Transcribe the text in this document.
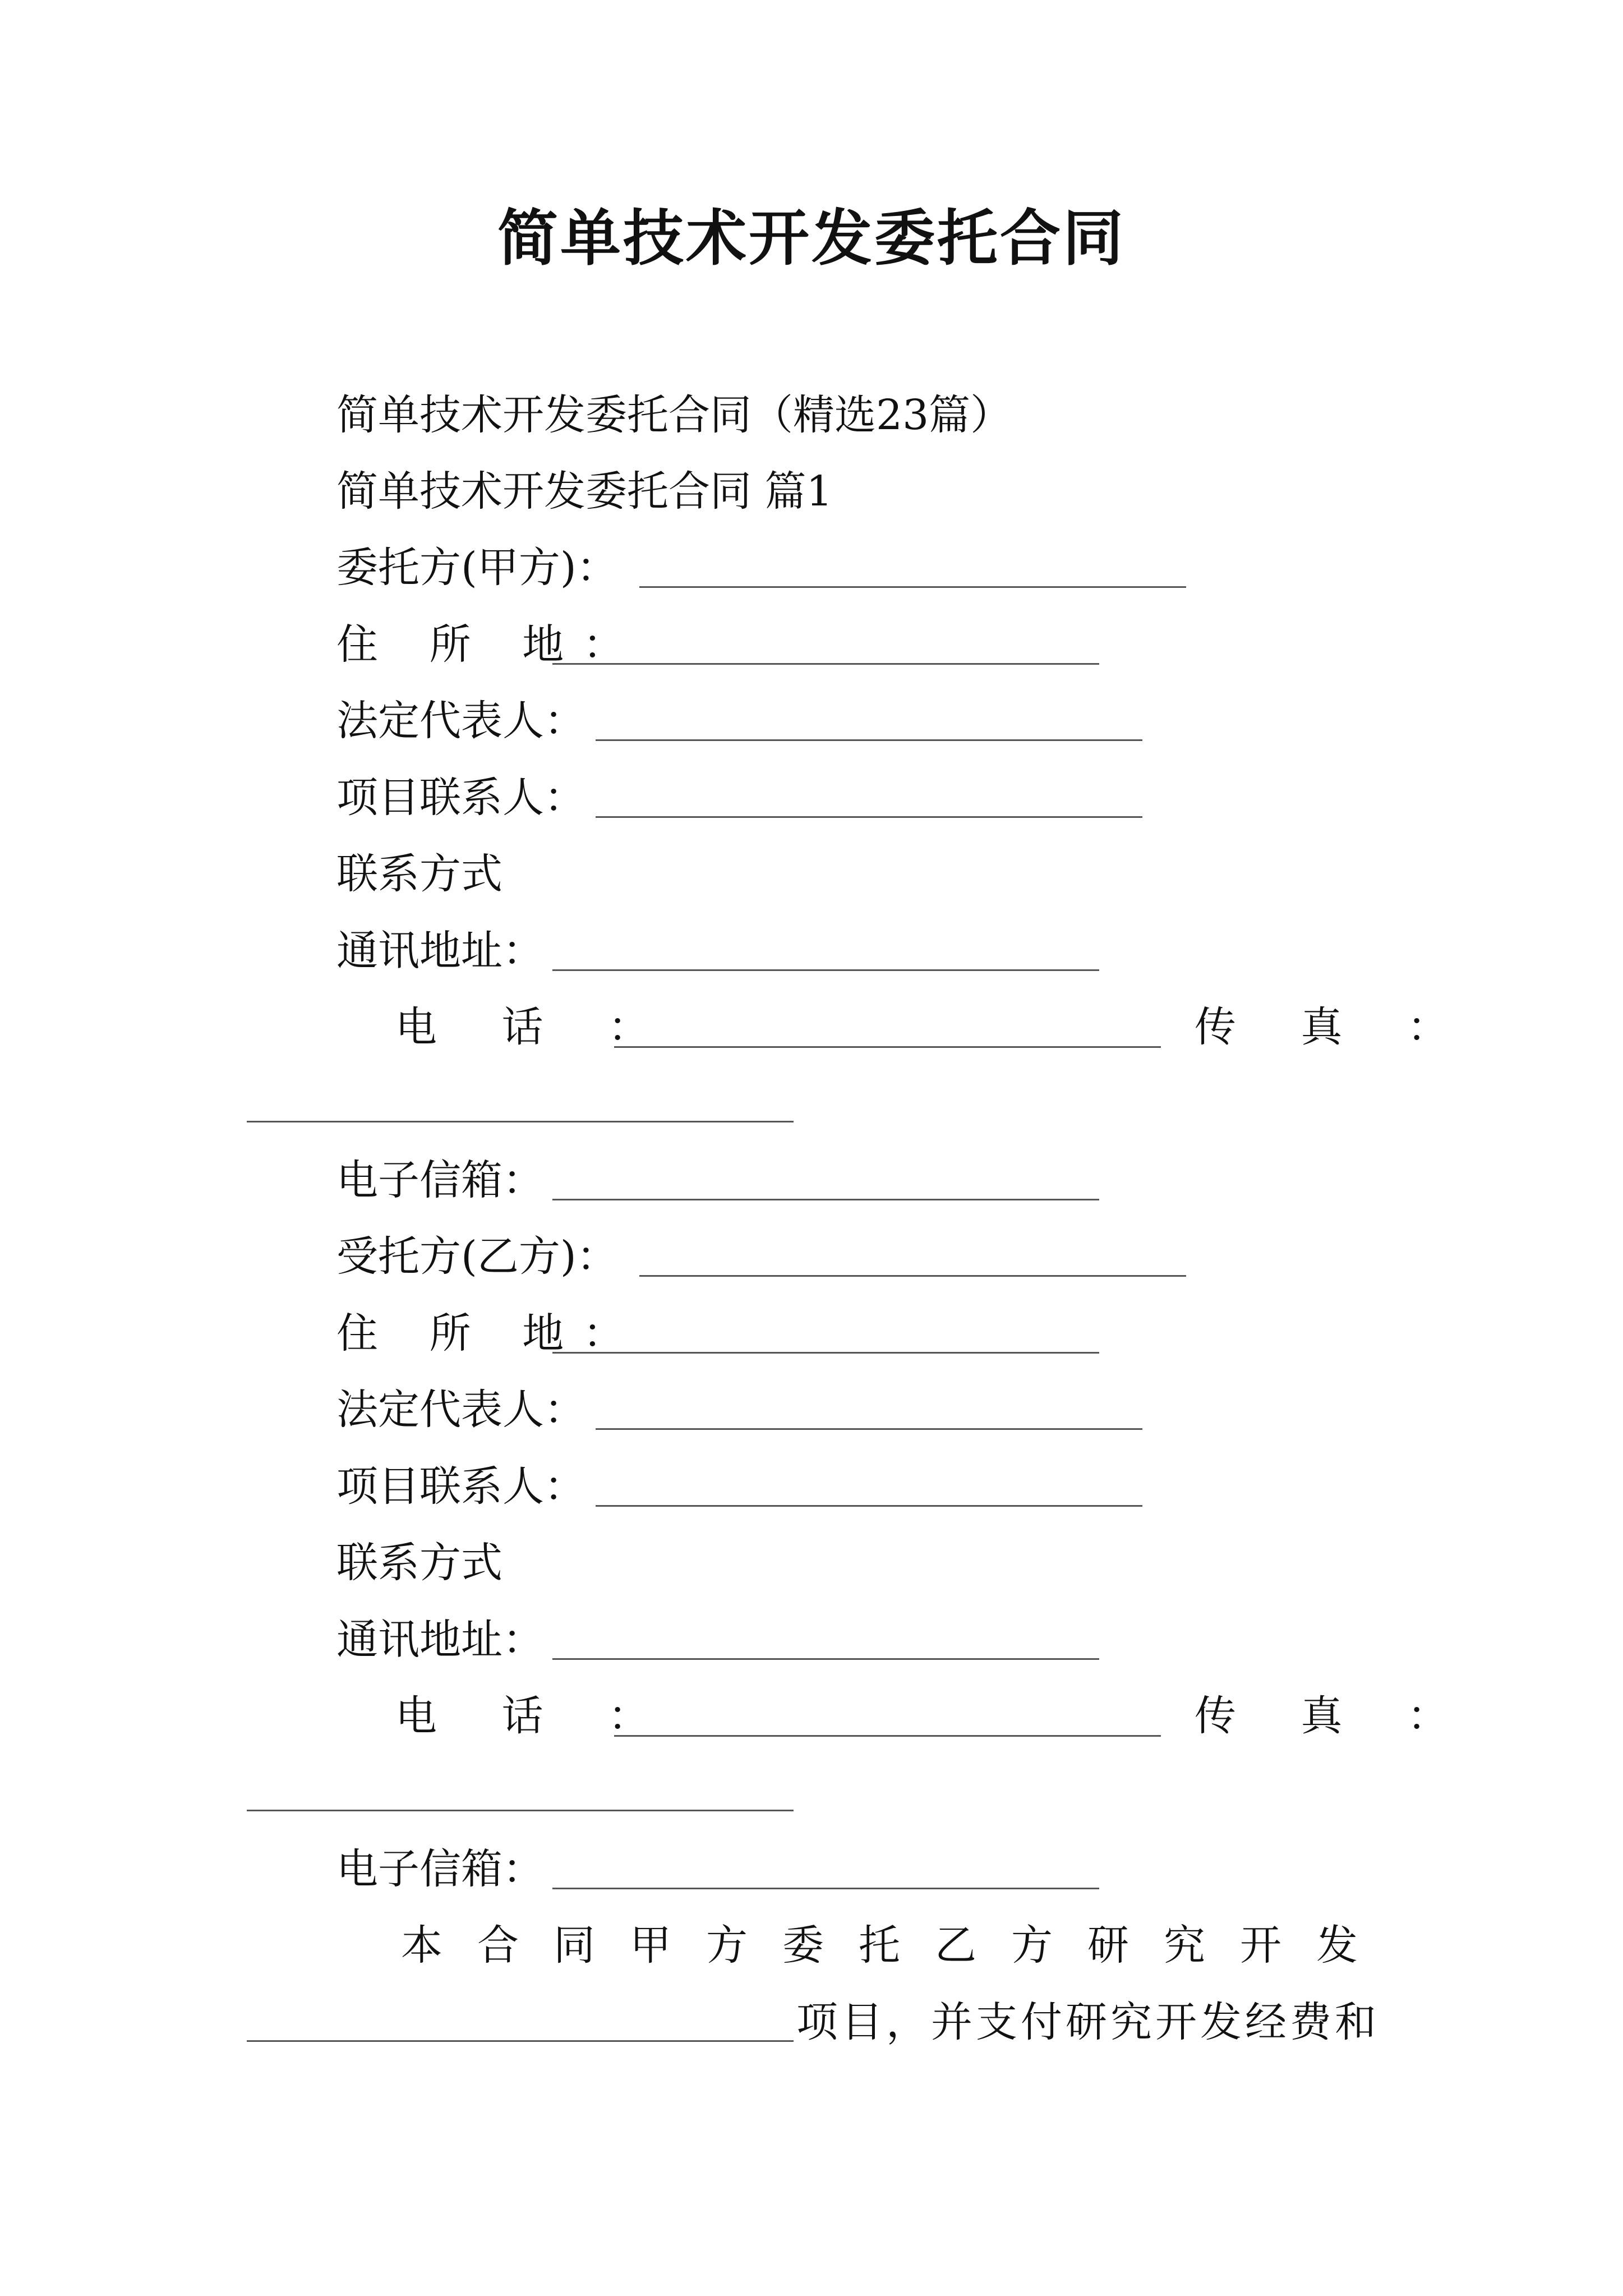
简单技术开发委托合同
简单技术开发委托合同（精选23篇）
简单技术开发委托合同 篇1
委托方(甲方)：
住 所 地：
法定代表人：
项目联系人：
联系方式
通讯地址：
电 话 ：	传 真 ：
电子信箱：
受托方(乙方)：
住 所 地：
法定代表人：
项目联系人：
联系方式
通讯地址：
电 话 ：	传 真 ：
电子信箱：
本合同甲方委托乙方研究开发
项目，并支付研究开发经费和
